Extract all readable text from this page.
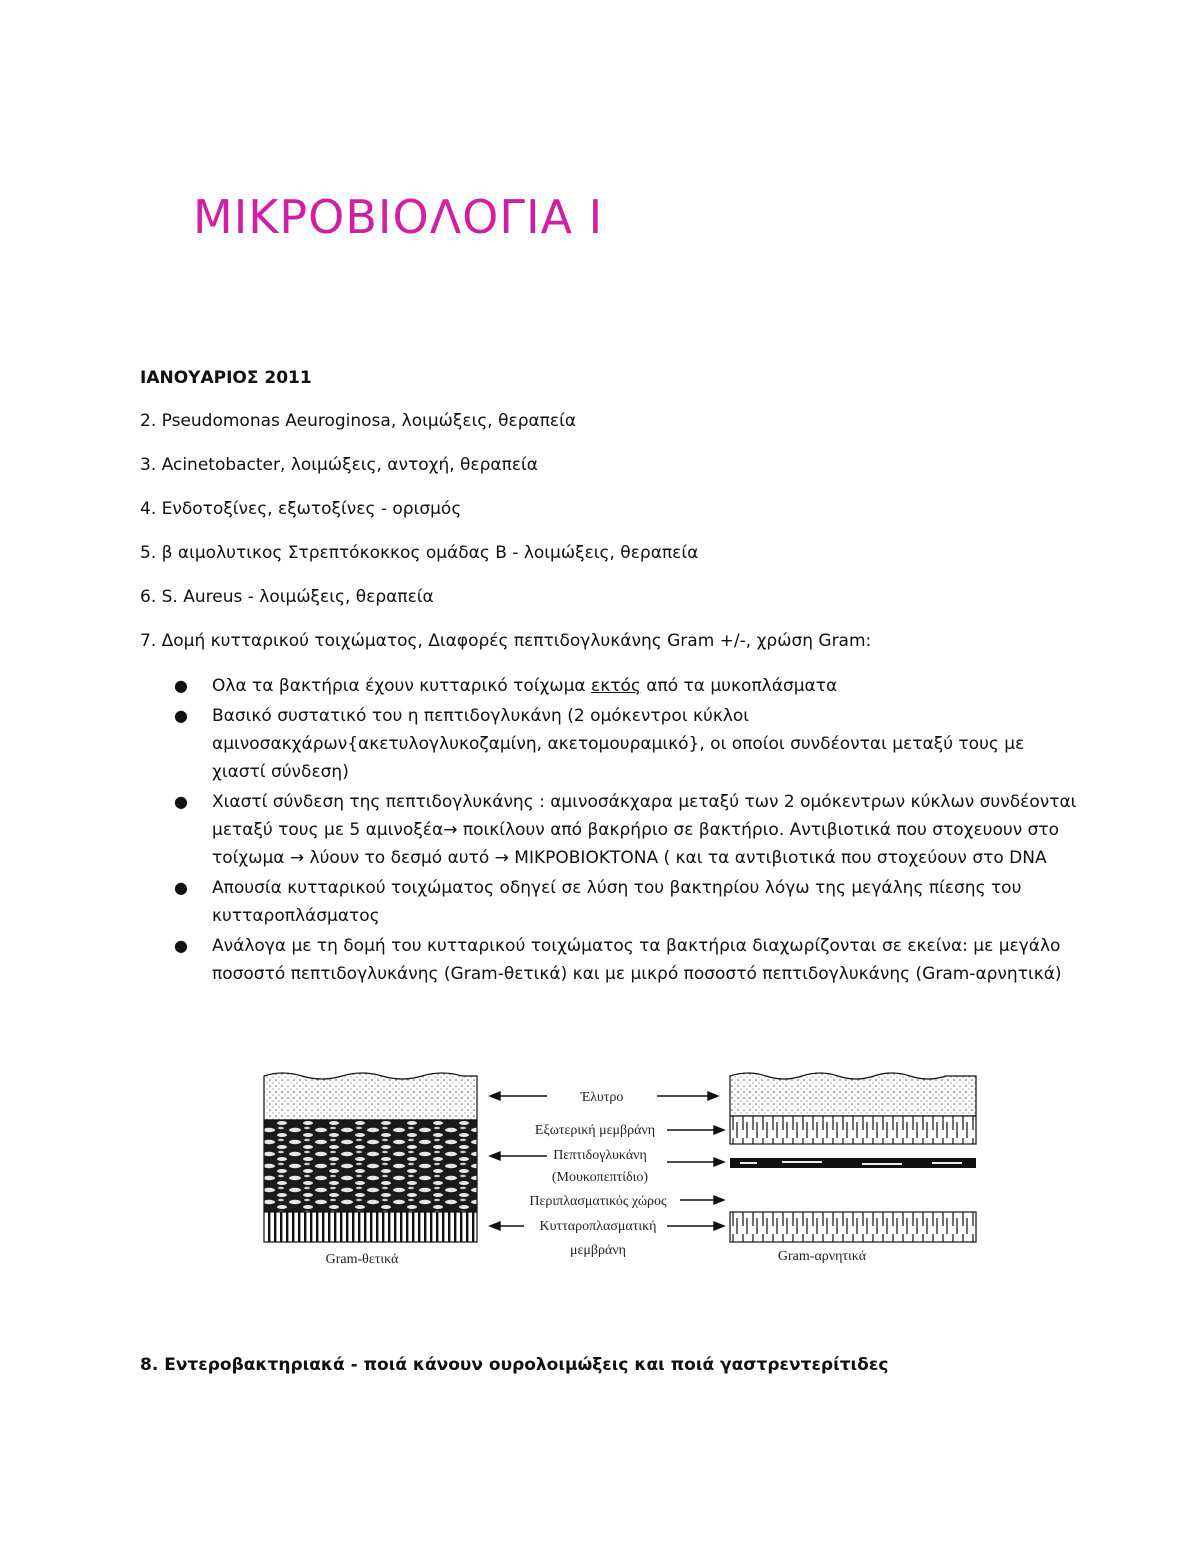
ΜΙΚΡΟΒΙΟΛΟΓΙΑ Ι
ΙΑΝΟΥΑΡΙΟΣ 2011
2. Pseudomonas Aeuroginosa, λοιμώξεις, θεραπεία
3. Acinetobacter, λοιμώξεις, αντοχή, θεραπεία
4. Ενδοτοξίνες, εξωτοξίνες - ορισμός
5. β αιμολυτικος Στρεπτόκοκκος ομάδας Β - λοιμώξεις, θεραπεία
6. S. Aureus - λοιμώξεις, θεραπεία
7. Δομή κυτταρικού τοιχώματος, Διαφορές πεπτιδογλυκάνης Gram +/-, χρώση Gram:
● Ολα τα βακτήρια έχουν κυτταρικό τοίχωμα εκτός από τα μυκοπλάσματα
● Βασικό συστατικό του η πεπτιδογλυκάνη (2 ομόκεντροι κύκλοι αμινοσακχάρων{ακετυλογλυκοζαμίνη, ακετομουραμικό}, οι οποίοι συνδέονται μεταξύ τους με χιαστί σύνδεση)
● Χιαστί σύνδεση της πεπτιδογλυκάνης : αμινοσάκχαρα μεταξύ των 2 ομόκεντρων κύκλων συνδέονται μεταξύ τους με 5 αμινοξέα→ ποικίλουν από βακρήριο σε βακτήριο. Αντιβιοτικά που στοχευουν στο τοίχωμα → λύουν το δεσμό αυτό → ΜΙΚΡΟΒΙΟΚΤΟΝΑ ( και τα αντιβιοτικά που στοχεύουν στο DNA
● Απουσία κυτταρικού τοιχώματος οδηγεί σε λύση του βακτηρίου λόγω της μεγάλης πίεσης του κυτταροπλάσματος
● Ανάλογα με τη δομή του κυτταρικού τοιχώματος τα βακτήρια διαχωρίζονται σε εκείνα: με μεγάλο ποσοστό πεπτιδογλυκάνης (Gram-θετικά) και με μικρό ποσοστό πεπτιδογλυκάνης (Gram-αρνητικά)
Έλυτρο
Εξωτερική μεμβράνη
Πεπτιδογλυκάνη
(Μουκοπεπτίδιο)
Περιπλασματικός χώρος
Κυτταροπλασματική
μεμβράνη
Gram-θετικά	Gram-αρνητικά
8. Εντεροβακτηριακά - ποιά κάνουν ουρολοιμώξεις και ποιά γαστρεντερίτιδες
